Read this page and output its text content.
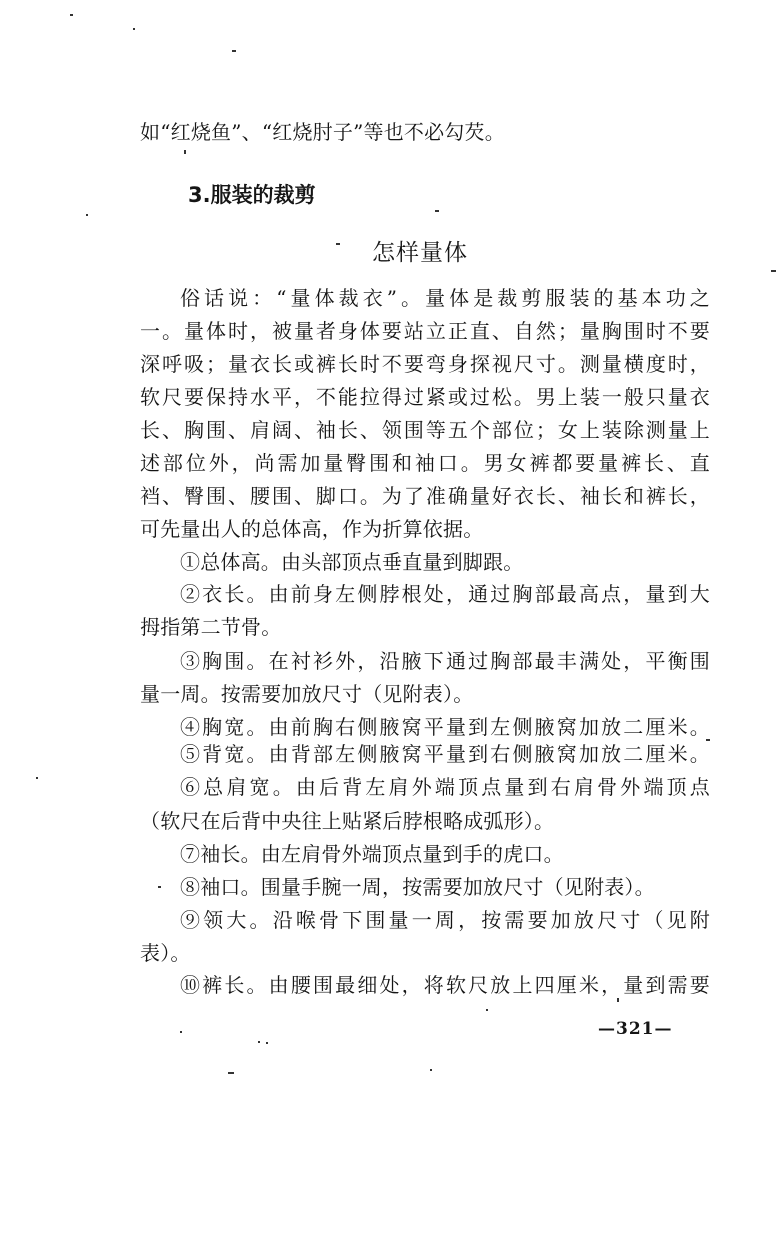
如“红烧鱼”、“红烧肘子”等也不必勾芡。
3.服装的裁剪
怎样量体
俗话说：“量体裁衣”。量体是裁剪服装的基本功之
一。量体时，被量者身体要站立正直、自然；量胸围时不要
深呼吸；量衣长或裤长时不要弯身探视尺寸。测量横度时，
软尺要保持水平，不能拉得过紧或过松。男上装一般只量衣
长、胸围、肩阔、袖长、领围等五个部位；女上装除测量上
述部位外，尚需加量臀围和袖口。男女裤都要量裤长、直
裆、臀围、腰围、脚口。为了准确量好衣长、袖长和裤长，
可先量出人的总体高，作为折算依据。
①总体高。由头部顶点垂直量到脚跟。
②衣长。由前身左侧脖根处，通过胸部最高点，量到大
拇指第二节骨。
③胸围。在衬衫外，沿腋下通过胸部最丰满处，平衡围
量一周。按需要加放尺寸（见附表）。
④胸宽。由前胸右侧腋窝平量到左侧腋窝加放二厘米。
⑤背宽。由背部左侧腋窝平量到右侧腋窝加放二厘米。
⑥总肩宽。由后背左肩外端顶点量到右肩骨外端顶点
（软尺在后背中央往上贴紧后脖根略成弧形）。
⑦袖长。由左肩骨外端顶点量到手的虎口。
⑧袖口。围量手腕一周，按需要加放尺寸（见附表）。
⑨领大。沿喉骨下围量一周，按需要加放尺寸（见附
表）。
⑩裤长。由腰围最细处，将软尺放上四厘米，量到需要
—321—
